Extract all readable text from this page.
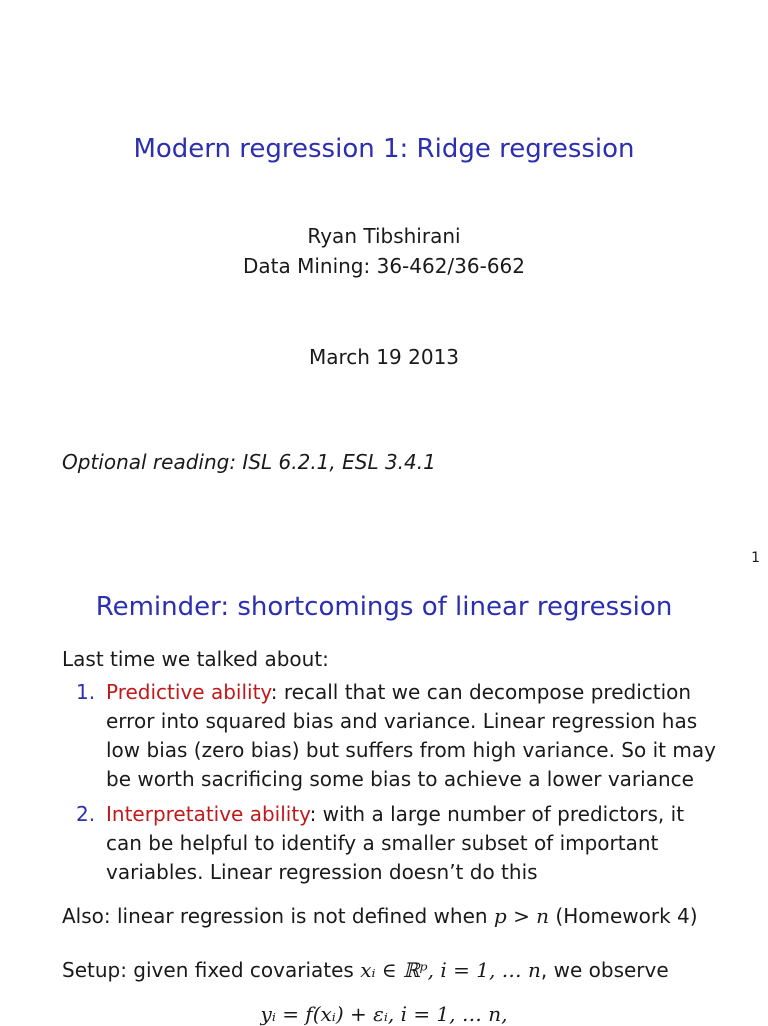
Modern regression 1: Ridge regression
Ryan Tibshirani
Data Mining: 36-462/36-662
March 19 2013
Optional reading: ISL 6.2.1, ESL 3.4.1
1
Reminder: shortcomings of linear regression
Last time we talked about:
1. Predictive ability: recall that we can decompose prediction error into squared bias and variance. Linear regression has low bias (zero bias) but suffers from high variance. So it may be worth sacrificing some bias to achieve a lower variance
2. Interpretative ability: with a large number of predictors, it can be helpful to identify a smaller subset of important variables. Linear regression doesn’t do this
Also: linear regression is not defined when p > n (Homework 4)
Setup: given fixed covariates xᵢ ∈ ℝᵖ, i = 1, … n, we observe
yᵢ = f(xᵢ) + εᵢ, i = 1, … n,
